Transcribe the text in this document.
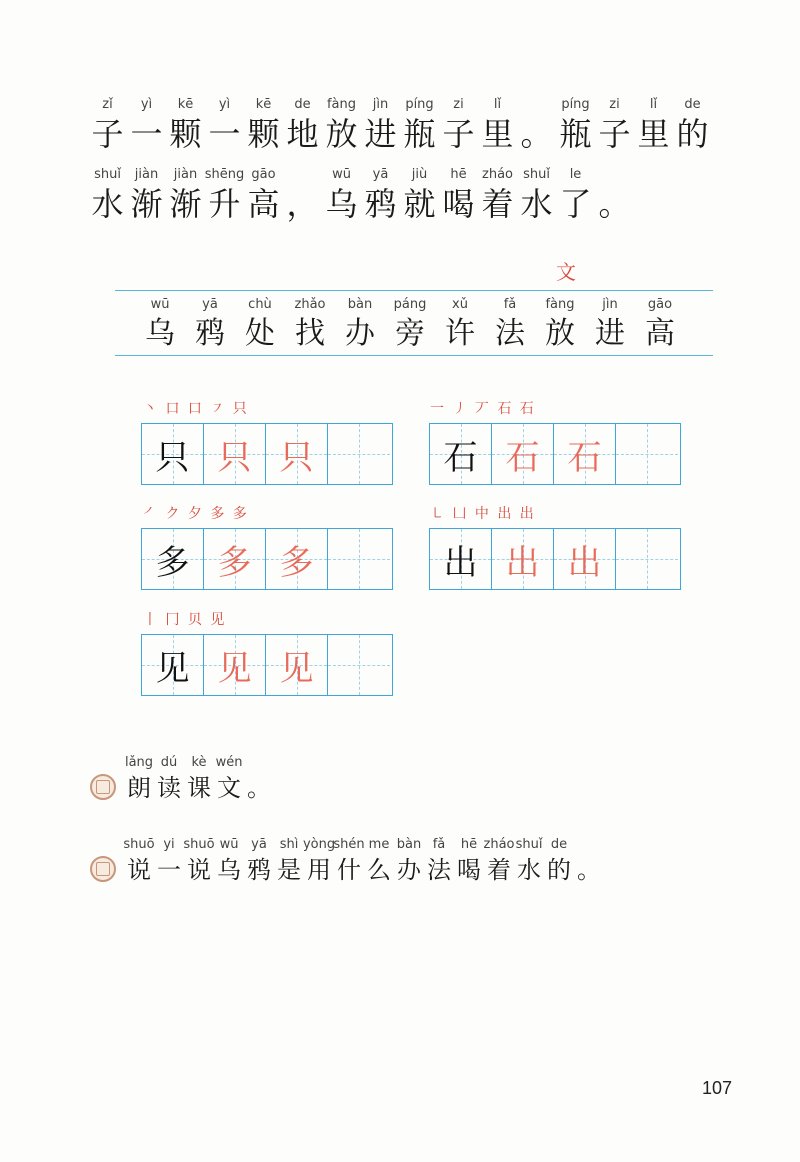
zǐ
子
yì
一
kē
颗
yì
一
kē
颗
de
地
fàng
放
jìn
进
píng
瓶
zi
子
lǐ
里 。
píng
瓶
zi
子
lǐ
里
de
的
shuǐ
水
jiàn
渐
jiàn
渐
shēng
升
gāo
高 ，
wū
乌
yā
鸦
jiù
就
hē
喝
zháo
着
shuǐ
水
le
了 。
文
wū
乌
yā
鸦
chù
处
zhǎo
找
bàn
办
páng
旁
xǔ
许
fǎ
法
fàng
放
jìn
进
gāo
高
丶 口 口 ㇇ 只
只 只 只
一 ㇓ 丆 石 石
石 石 石
㇒ ク 夕 多 多
多 多 多
㇄ 凵 中 出 出
出 出 出
丨 冂 贝 见
见 见 见
lǎng
朗
dú
读
kè
课
wén
文 。
shuō
说
yi
一
shuō
说
wū
乌
yā
鸦
shì
是
yòng
用
shén
什
me
么
bàn
办
fǎ
法
hē
喝
zháo
着
shuǐ
水
de
的 。
107
